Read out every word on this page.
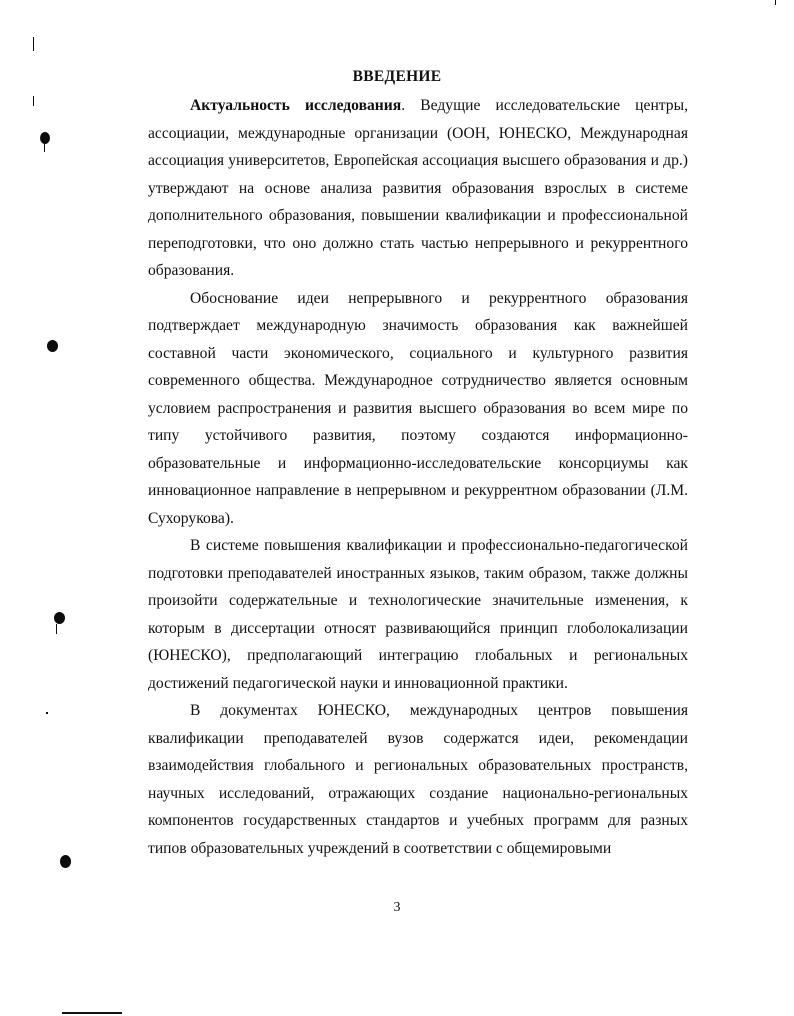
ВВЕДЕНИЕ

Актуальность исследования. Ведущие исследовательские центры, ассоциации, международные организации (ООН, ЮНЕСКО, Международная ассоциация университетов, Европейская ассоциация высшего образования и др.) утверждают на основе анализа развития образования взрослых в системе дополнительного образования, повышении квалификации и профессиональной переподготовки, что оно должно стать частью непрерывного и рекуррентного образования.

Обоснование идеи непрерывного и рекуррентного образования подтверждает международную значимость образования как важнейшей составной части экономического, социального и культурного развития современного общества. Международное сотрудничество является основным условием распространения и развития высшего образования во всем мире по типу устойчивого развития, поэтому создаются информационно-образовательные и информационно-исследовательские консорциумы как инновационное направление в непрерывном и рекуррентном образовании (Л.М. Сухорукова).

В системе повышения квалификации и профессионально-педагогической подготовки преподавателей иностранных языков, таким образом, также должны произойти содержательные и технологические значительные изменения, к которым в диссертации относят развивающийся принцип глоболокализации (ЮНЕСКО), предполагающий интеграцию глобальных и региональных достижений педагогической науки и инновационной практики.

В документах ЮНЕСКО, международных центров повышения квалификации преподавателей вузов содержатся идеи, рекомендации взаимодействия глобального и региональных образовательных пространств, научных исследований, отражающих создание национально-региональных компонентов государственных стандартов и учебных программ для разных типов образовательных учреждений в соответствии с общемировыми

3
